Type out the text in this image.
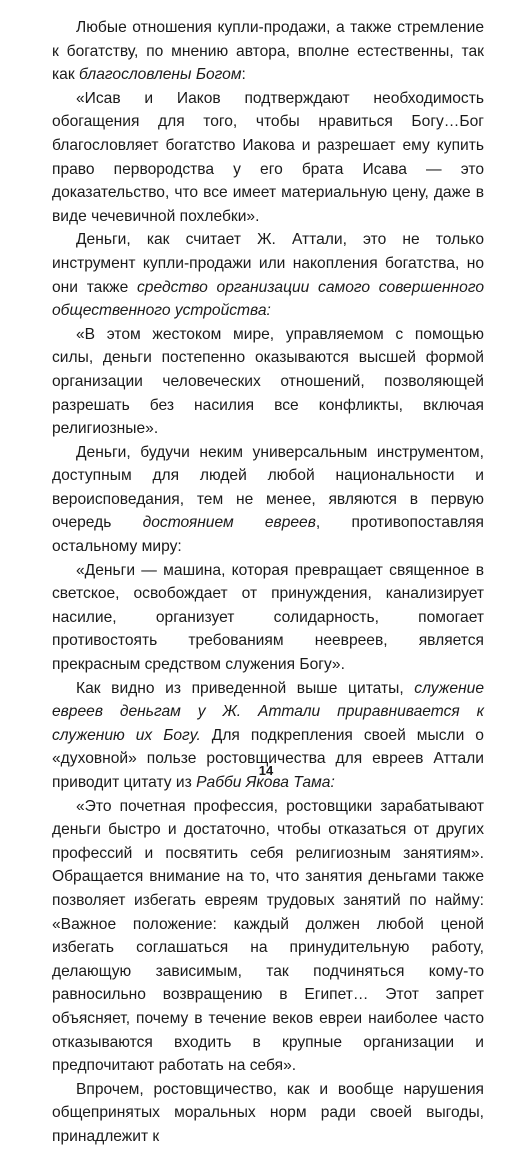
Любые отношения купли-продажи, а также стремление к богатству, по мнению автора, вполне естественны, так как благословлены Богом:

«Исав и Иаков подтверждают необходимость обогащения для того, чтобы нравиться Богу…Бог благословляет богатство Иакова и разрешает ему купить право первородства у его брата Исава — это доказательство, что все имеет материальную цену, даже в виде чечевичной похлебки».

Деньги, как считает Ж. Аттали, это не только инструмент купли-продажи или накопления богатства, но они также средство организации самого совершенного общественного устройства:

«В этом жестоком мире, управляемом с помощью силы, деньги постепенно оказываются высшей формой организации человеческих отношений, позволяющей разрешать без насилия все конфликты, включая религиозные».

Деньги, будучи неким универсальным инструментом, доступным для людей любой национальности и вероисповедания, тем не менее, являются в первую очередь достоянием евреев, противопоставляя остальному миру:

«Деньги — машина, которая превращает священное в светское, освобождает от принуждения, канализирует насилие, организует солидарность, помогает противостоять требованиям неевреев, является прекрасным средством служения Богу».

Как видно из приведенной выше цитаты, служение евреев деньгам у Ж. Аттали приравнивается к служению их Богу. Для подкрепления своей мысли о «духовной» пользе ростовщичества для евреев Аттали приводит цитату из Рабби Якова Тама:

«Это почетная профессия, ростовщики зарабатывают деньги быстро и достаточно, чтобы отказаться от других профессий и посвятить себя религиозным занятиям». Обращается внимание на то, что занятия деньгами также позволяет избегать евреям трудовых занятий по найму: «Важное положение: каждый должен любой ценой избегать соглашаться на принудительную работу, делающую зависимым, так подчиняться кому-то равносильно возвращению в Египет… Этот запрет объясняет, почему в течение веков евреи наиболее часто отказываются входить в крупные организации и предпочитают работать на себя».

Впрочем, ростовщичество, как и вообще нарушения общепринятых моральных норм ради своей выгоды, принадлежит к

14
